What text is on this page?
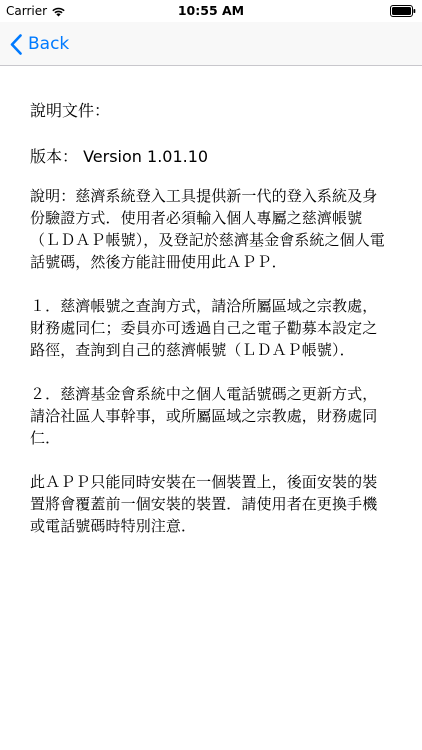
Carrier	10:55 AM
Back
說明文件：
版本： Version 1.01.10
說明：慈濟系統登入工具提供新一代的登入系統及身份驗證方式．使用者必須輸入個人專屬之慈濟帳號（ＬＤＡＰ帳號），及登記於慈濟基金會系統之個人電話號碼，然後方能註冊使用此ＡＰＰ．
１．慈濟帳號之查詢方式，請洽所屬區域之宗教處，財務處同仁；委員亦可透過自己之電子勸募本設定之路徑，查詢到自己的慈濟帳號（ＬＤＡＰ帳號）．
２．慈濟基金會系統中之個人電話號碼之更新方式，請洽社區人事幹事，或所屬區域之宗教處，財務處同仁．
此ＡＰＰ只能同時安裝在一個裝置上，後面安裝的裝置將會覆蓋前一個安裝的裝置．請使用者在更換手機或電話號碼時特別注意．
